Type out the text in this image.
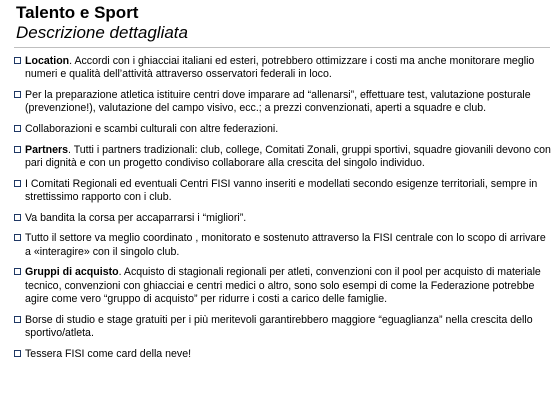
Talento e Sport
Descrizione dettagliata
Location. Accordi con i ghiacciai italiani ed esteri, potrebbero ottimizzare i costi ma anche monitorare meglio numeri e qualità dell’attività attraverso osservatori federali in loco.
Per la preparazione atletica istituire centri dove imparare ad “allenarsi”, effettuare test, valutazione posturale (prevenzione!), valutazione del campo visivo, ecc.; a prezzi convenzionati, aperti a squadre e club.
Collaborazioni e scambi culturali con altre federazioni.
Partners. Tutti i partners tradizionali: club, college, Comitati Zonali, gruppi sportivi, squadre giovanili devono con pari dignità e con un progetto condiviso collaborare alla crescita del singolo individuo.
I Comitati Regionali ed eventuali Centri FISI vanno inseriti e modellati secondo esigenze territoriali, sempre in strettissimo rapporto con i club.
Va bandita la corsa per accaparrarsi i “migliori”.
Tutto il settore va meglio coordinato , monitorato e sostenuto attraverso la FISI centrale con lo scopo di arrivare a «interagire» con il singolo club.
Gruppi di acquisto. Acquisto di stagionali regionali per atleti, convenzioni con il pool per acquisto di materiale tecnico, convenzioni con ghiacciai e centri medici o altro, sono solo esempi di come la Federazione potrebbe agire come vero “gruppo di acquisto” per ridurre i costi a carico delle famiglie.
Borse di studio e stage gratuiti per i più meritevoli garantirebbero maggiore “eguaglianza” nella crescita dello sportivo/atleta.
Tessera FISI come card della neve!
